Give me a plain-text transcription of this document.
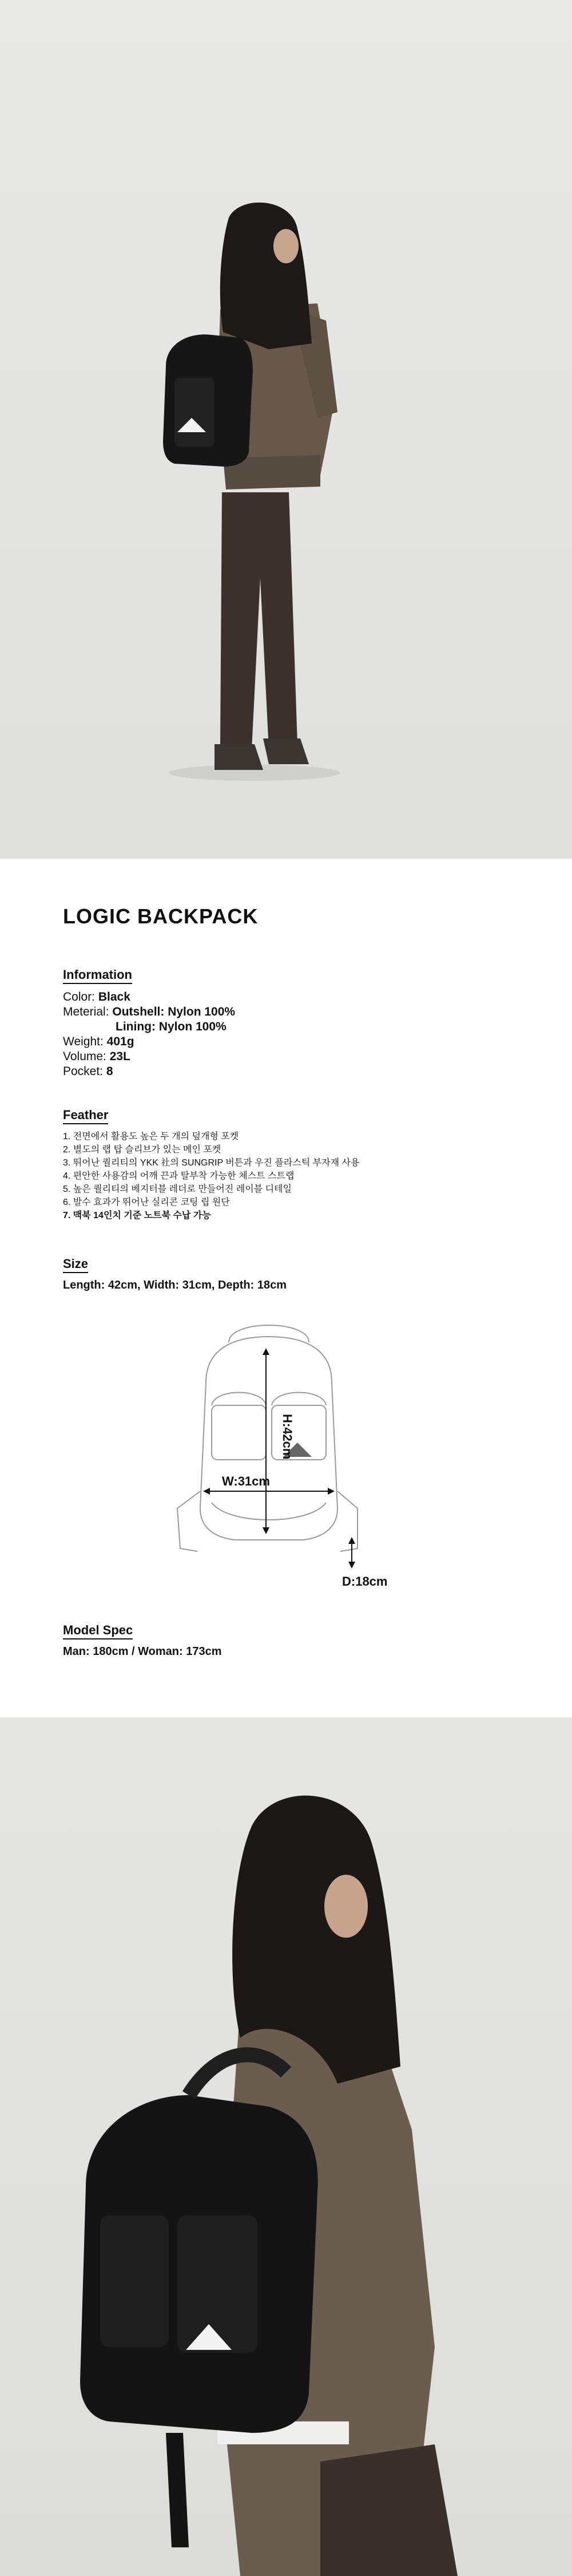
LOGIC BACKPACK
Information
Color: Black
Meterial: Outshell: Nylon 100%
Lining: Nylon 100%
Weight: 401g
Volume: 23L
Pocket: 8
Feather
1. 전면에서 활용도 높은 두 개의 덮개형 포켓
2. 별도의 랩 탑 슬리브가 있는 메인 포켓
3. 뛰어난 퀄리티의 YKK 社의 SUNGRIP 버튼과 우진 플라스틱 부자재 사용
4. 편안한 사용감의 어깨 끈과 탈부착 가능한 체스트 스트랩
5. 높은 퀄리티의 베지터블 레더로 만들어진 레이블 디테일
6. 발수 효과가 뛰어난 실리콘 코팅 립 원단
7. 맥북 14인치 기준 노트북 수납 가능
Size
Length: 42cm, Width: 31cm, Depth: 18cm
H:42cm
W:31cm
D:18cm
Model Spec
Man: 180cm / Woman: 173cm
